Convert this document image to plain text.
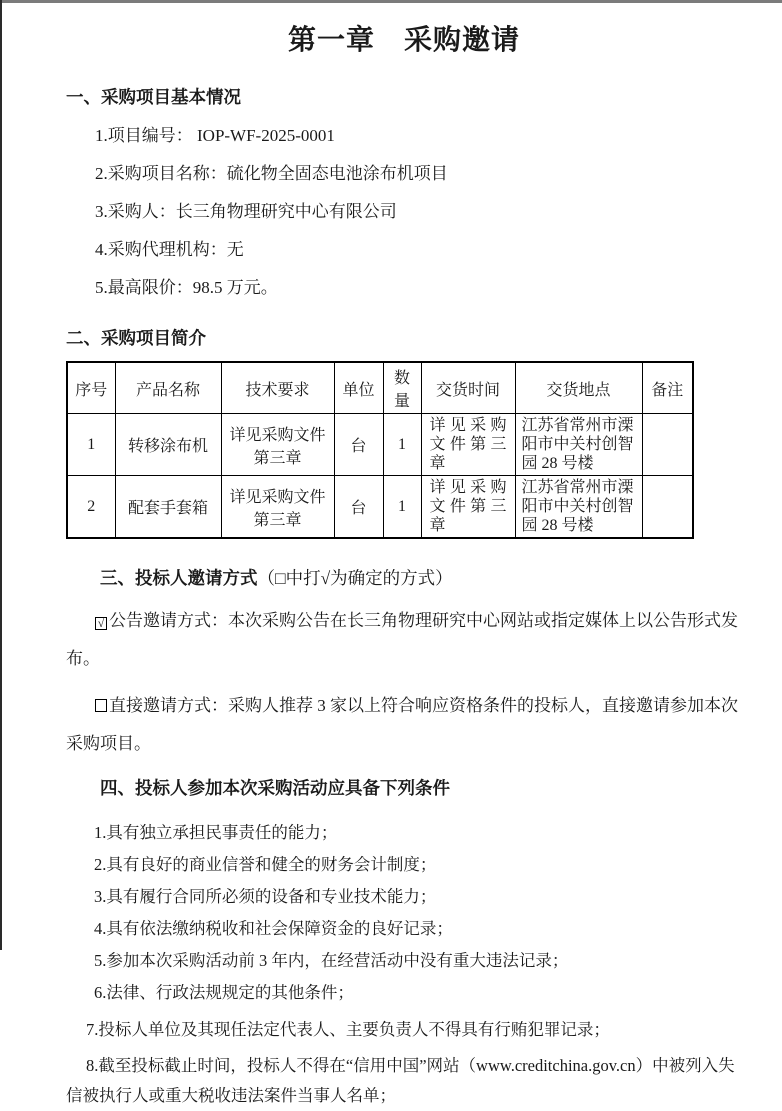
第一章　采购邀请
一、采购项目基本情况

1.项目编号： IOP-WF-2025-0001

2.采购项目名称：硫化物全固态电池涂布机项目

3.采购人：长三角物理研究中心有限公司

4.采购代理机构：无

5.最高限价：98.5 万元。

二、采购项目简介
序号	产品名称	技术要求	单位	数量	交货时间	交货地点	备注
1	转移涂布机	详见采购文件第三章	台	1	详见采购文件第三章	江苏省常州市溧阳市中关村创智园 28 号楼	
2	配套手套箱	详见采购文件第三章	台	1	详见采购文件第三章	江苏省常州市溧阳市中关村创智园 28 号楼	
三、投标人邀请方式（□中打√为确定的方式）

√ 公告邀请方式：本次采购公告在长三角物理研究中心网站或指定媒体上以公告形式发布。

直接邀请方式：采购人推荐 3 家以上符合响应资格条件的投标人，直接邀请参加本次采购项目。

四、投标人参加本次采购活动应具备下列条件

1.具有独立承担民事责任的能力；

2.具有良好的商业信誉和健全的财务会计制度；

3.具有履行合同所必须的设备和专业技术能力；

4.具有依法缴纳税收和社会保障资金的良好记录；

5.参加本次采购活动前 3 年内，在经营活动中没有重大违法记录；

6.法律、行政法规规定的其他条件；

7.投标人单位及其现任法定代表人、主要负责人不得具有行贿犯罪记录；

8.截至投标截止时间，投标人不得在“信用中国”网站（www.creditchina.gov.cn）中被列入失信被执行人或重大税收违法案件当事人名单；
